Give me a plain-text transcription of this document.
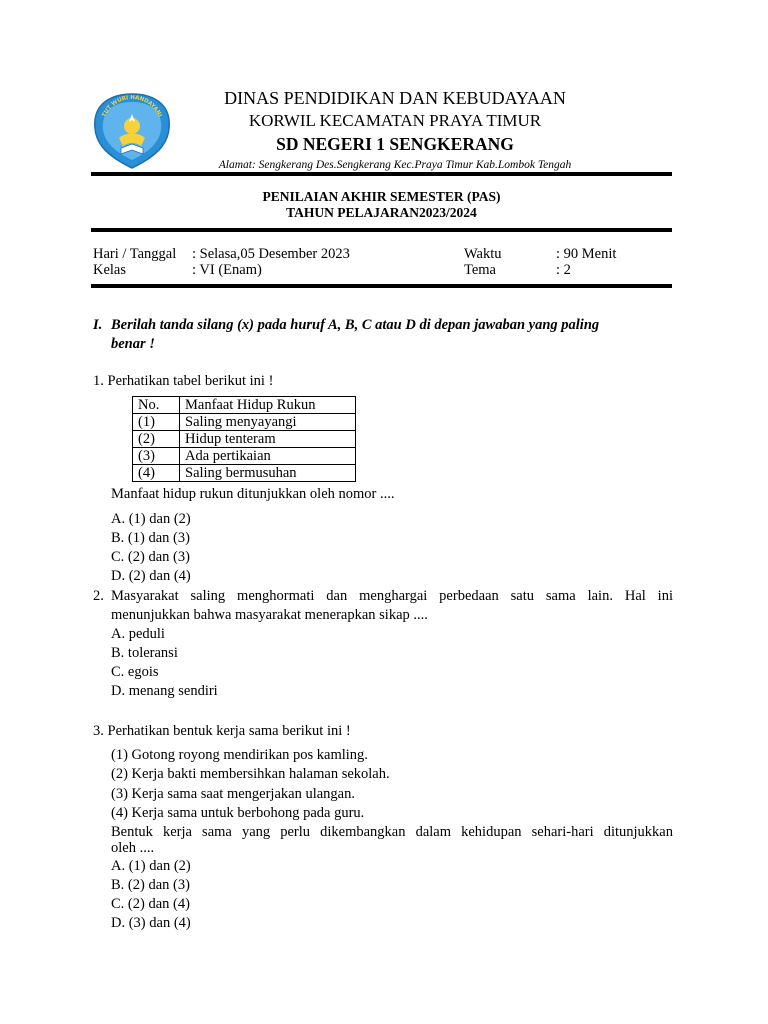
TUT WURI HANDAYANI
DINAS PENDIDIKAN DAN KEBUDAYAAN
KORWIL KECAMATAN PRAYA TIMUR
SD NEGERI 1 SENGKERANG
Alamat: Sengkerang Des.Sengkerang Kec.Praya Timur Kab.Lombok Tengah
PENILAIAN AKHIR SEMESTER (PAS)
TAHUN PELAJARAN2023/2024
Hari / Tanggal : Selasa,05 Desember 2023	Waktu	: 90 Menit
Kelas	: VI (Enam)	Tema	: 2
I. Berilah tanda silang (x) pada huruf A, B, C atau D di depan jawaban yang paling
benar !
1. Perhatikan tabel berikut ini !
No.	Manfaat Hidup Rukun
(1)	Saling menyayangi
(2)	Hidup tenteram
(3)	Ada pertikaian
(4)	Saling bermusuhan
Manfaat hidup rukun ditunjukkan oleh nomor ....
A. (1) dan (2)
B. (1) dan (3)
C. (2) dan (3)
D. (2) dan (4)
2. Masyarakat saling menghormati dan menghargai perbedaan satu sama lain. Hal ini
menunjukkan bahwa masyarakat menerapkan sikap ....
A. peduli
B. toleransi
C. egois
D. menang sendiri
3. Perhatikan bentuk kerja sama berikut ini !
(1) Gotong royong mendirikan pos kamling.
(2) Kerja bakti membersihkan halaman sekolah.
(3) Kerja sama saat mengerjakan ulangan.
(4) Kerja sama untuk berbohong pada guru.
Bentuk kerja sama yang perlu dikembangkan dalam kehidupan sehari-hari ditunjukkan
oleh ....
A. (1) dan (2)
B. (2) dan (3)
C. (2) dan (4)
D. (3) dan (4)
